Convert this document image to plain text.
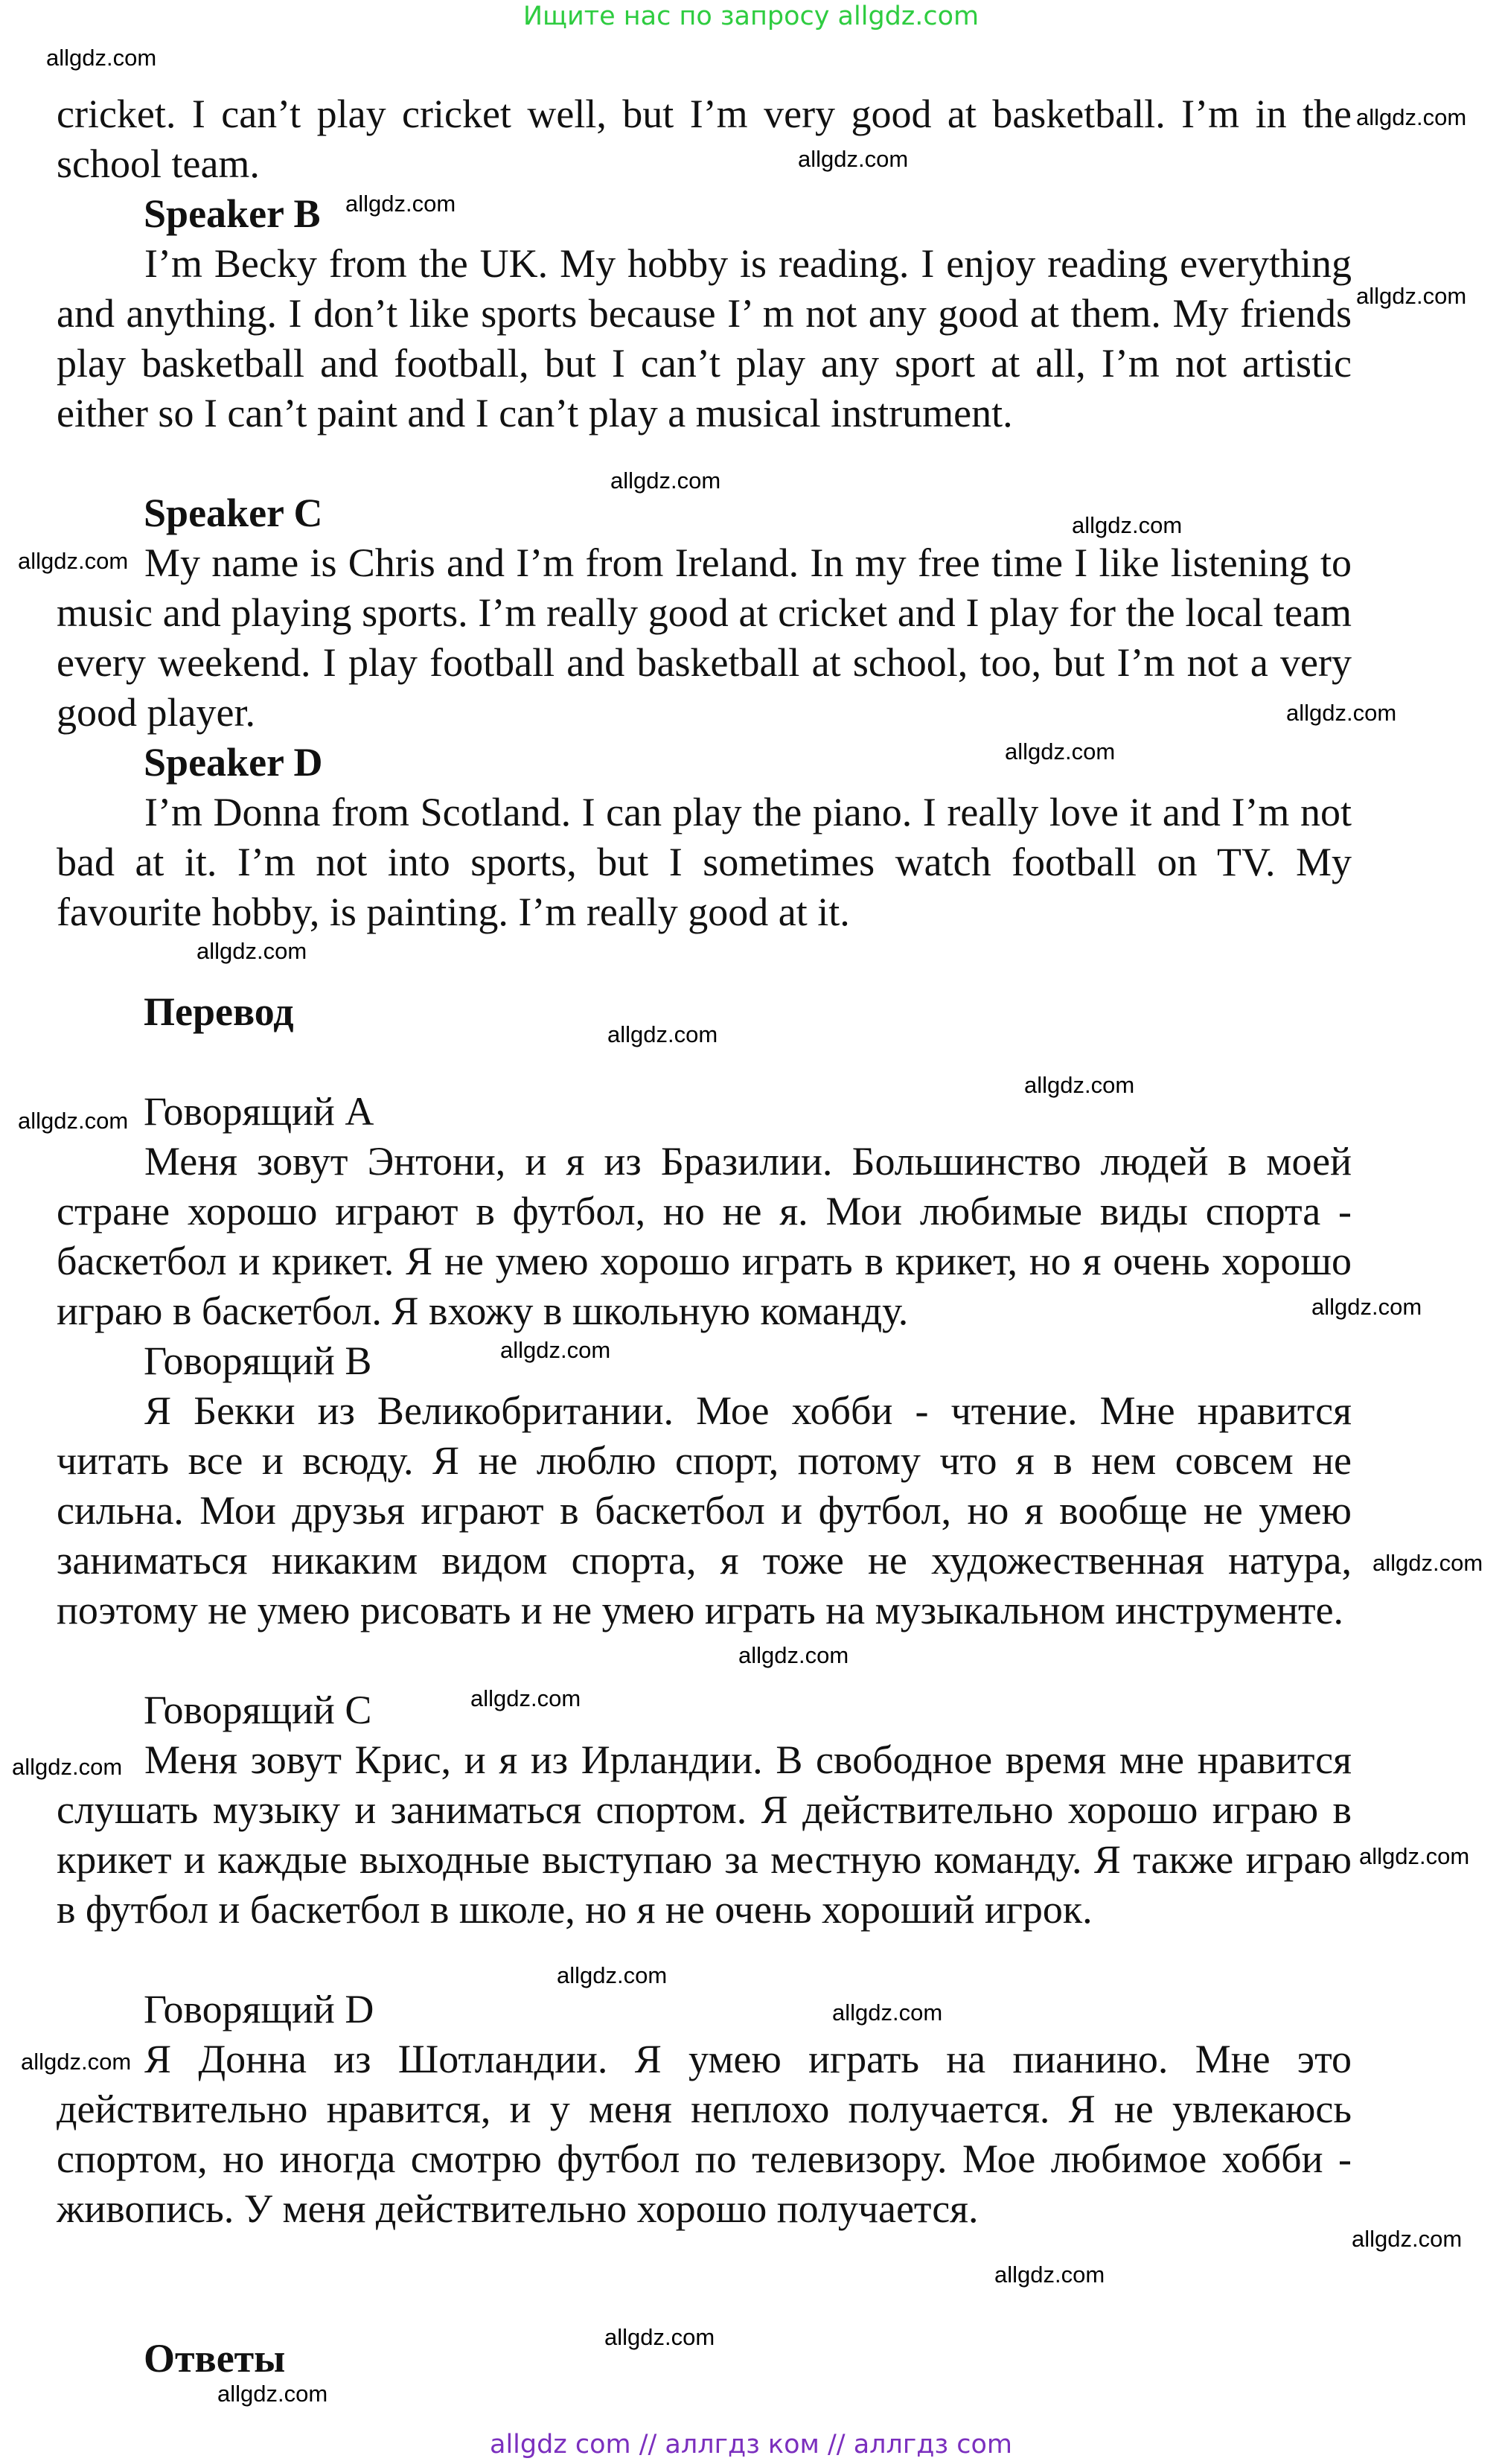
Ищите нас по запросу allgdz.com
allgdz.com
allgdz.com
allgdz.com
allgdz.com
allgdz.com
allgdz.com
allgdz.com
allgdz.com
allgdz.com
allgdz.com
allgdz.com
allgdz.com
allgdz.com
allgdz.com
allgdz.com
allgdz.com
allgdz.com
allgdz.com
allgdz.com
allgdz.com
allgdz.com
allgdz.com
allgdz.com
allgdz.com
allgdz.com
allgdz.com
allgdz.com
allgdz.com
cricket. I can’t play cricket well, but I’m very good at basketball. I’m in the school team.
Speaker B
I’m Becky from the UK. My hobby is reading. I enjoy reading everything and anything. I don’t like sports because I’ m not any good at them. My friends play basketball and football, but I can’t play any sport at all, I’m not artistic either so I can’t paint and I can’t play a musical instrument.
Speaker C
My name is Chris and I’m from Ireland. In my free time I like listening to music and playing sports. I’m really good at cricket and I play for the local team every weekend. I play football and basketball at school, too, but I’m not a very good player.
Speaker D
I’m Donna from Scotland. I can play the piano. I really love it and I’m not bad at it. I’m not into sports, but I sometimes watch football on TV. My favourite hobby, is painting. I’m really good at it.
Перевод
Говорящий A
Меня зовут Энтони, и я из Бразилии. Большинство людей в моей стране хорошо играют в футбол, но не я. Мои любимые виды спорта - баскетбол и крикет. Я не умею хорошо играть в крикет, но я очень хорошо играю в баскетбол. Я вхожу в школьную команду.
Говорящий B
Я Бекки из Великобритании. Мое хобби - чтение. Мне нравится читать все и всюду. Я не люблю спорт, потому что я в нем совсем не сильна. Мои друзья играют в баскетбол и футбол, но я вообще не умею заниматься никаким видом спорта, я тоже не художественная натура, поэтому не умею рисовать и не умею играть на музыкальном инструменте.
Говорящий C
Меня зовут Крис, и я из Ирландии. В свободное время мне нравится слушать музыку и заниматься спортом. Я действительно хорошо играю в крикет и каждые выходные выступаю за местную команду. Я также играю в футбол и баскетбол в школе, но я не очень хороший игрок.
Говорящий D
Я Донна из Шотландии. Я умею играть на пианино. Мне это действительно нравится, и у меня неплохо получается. Я не увлекаюсь спортом, но иногда смотрю футбол по телевизору. Мое любимое хобби - живопись. У меня действительно хорошо получается.
Ответы
allgdz com // аллгдз ком // аллгдз com
